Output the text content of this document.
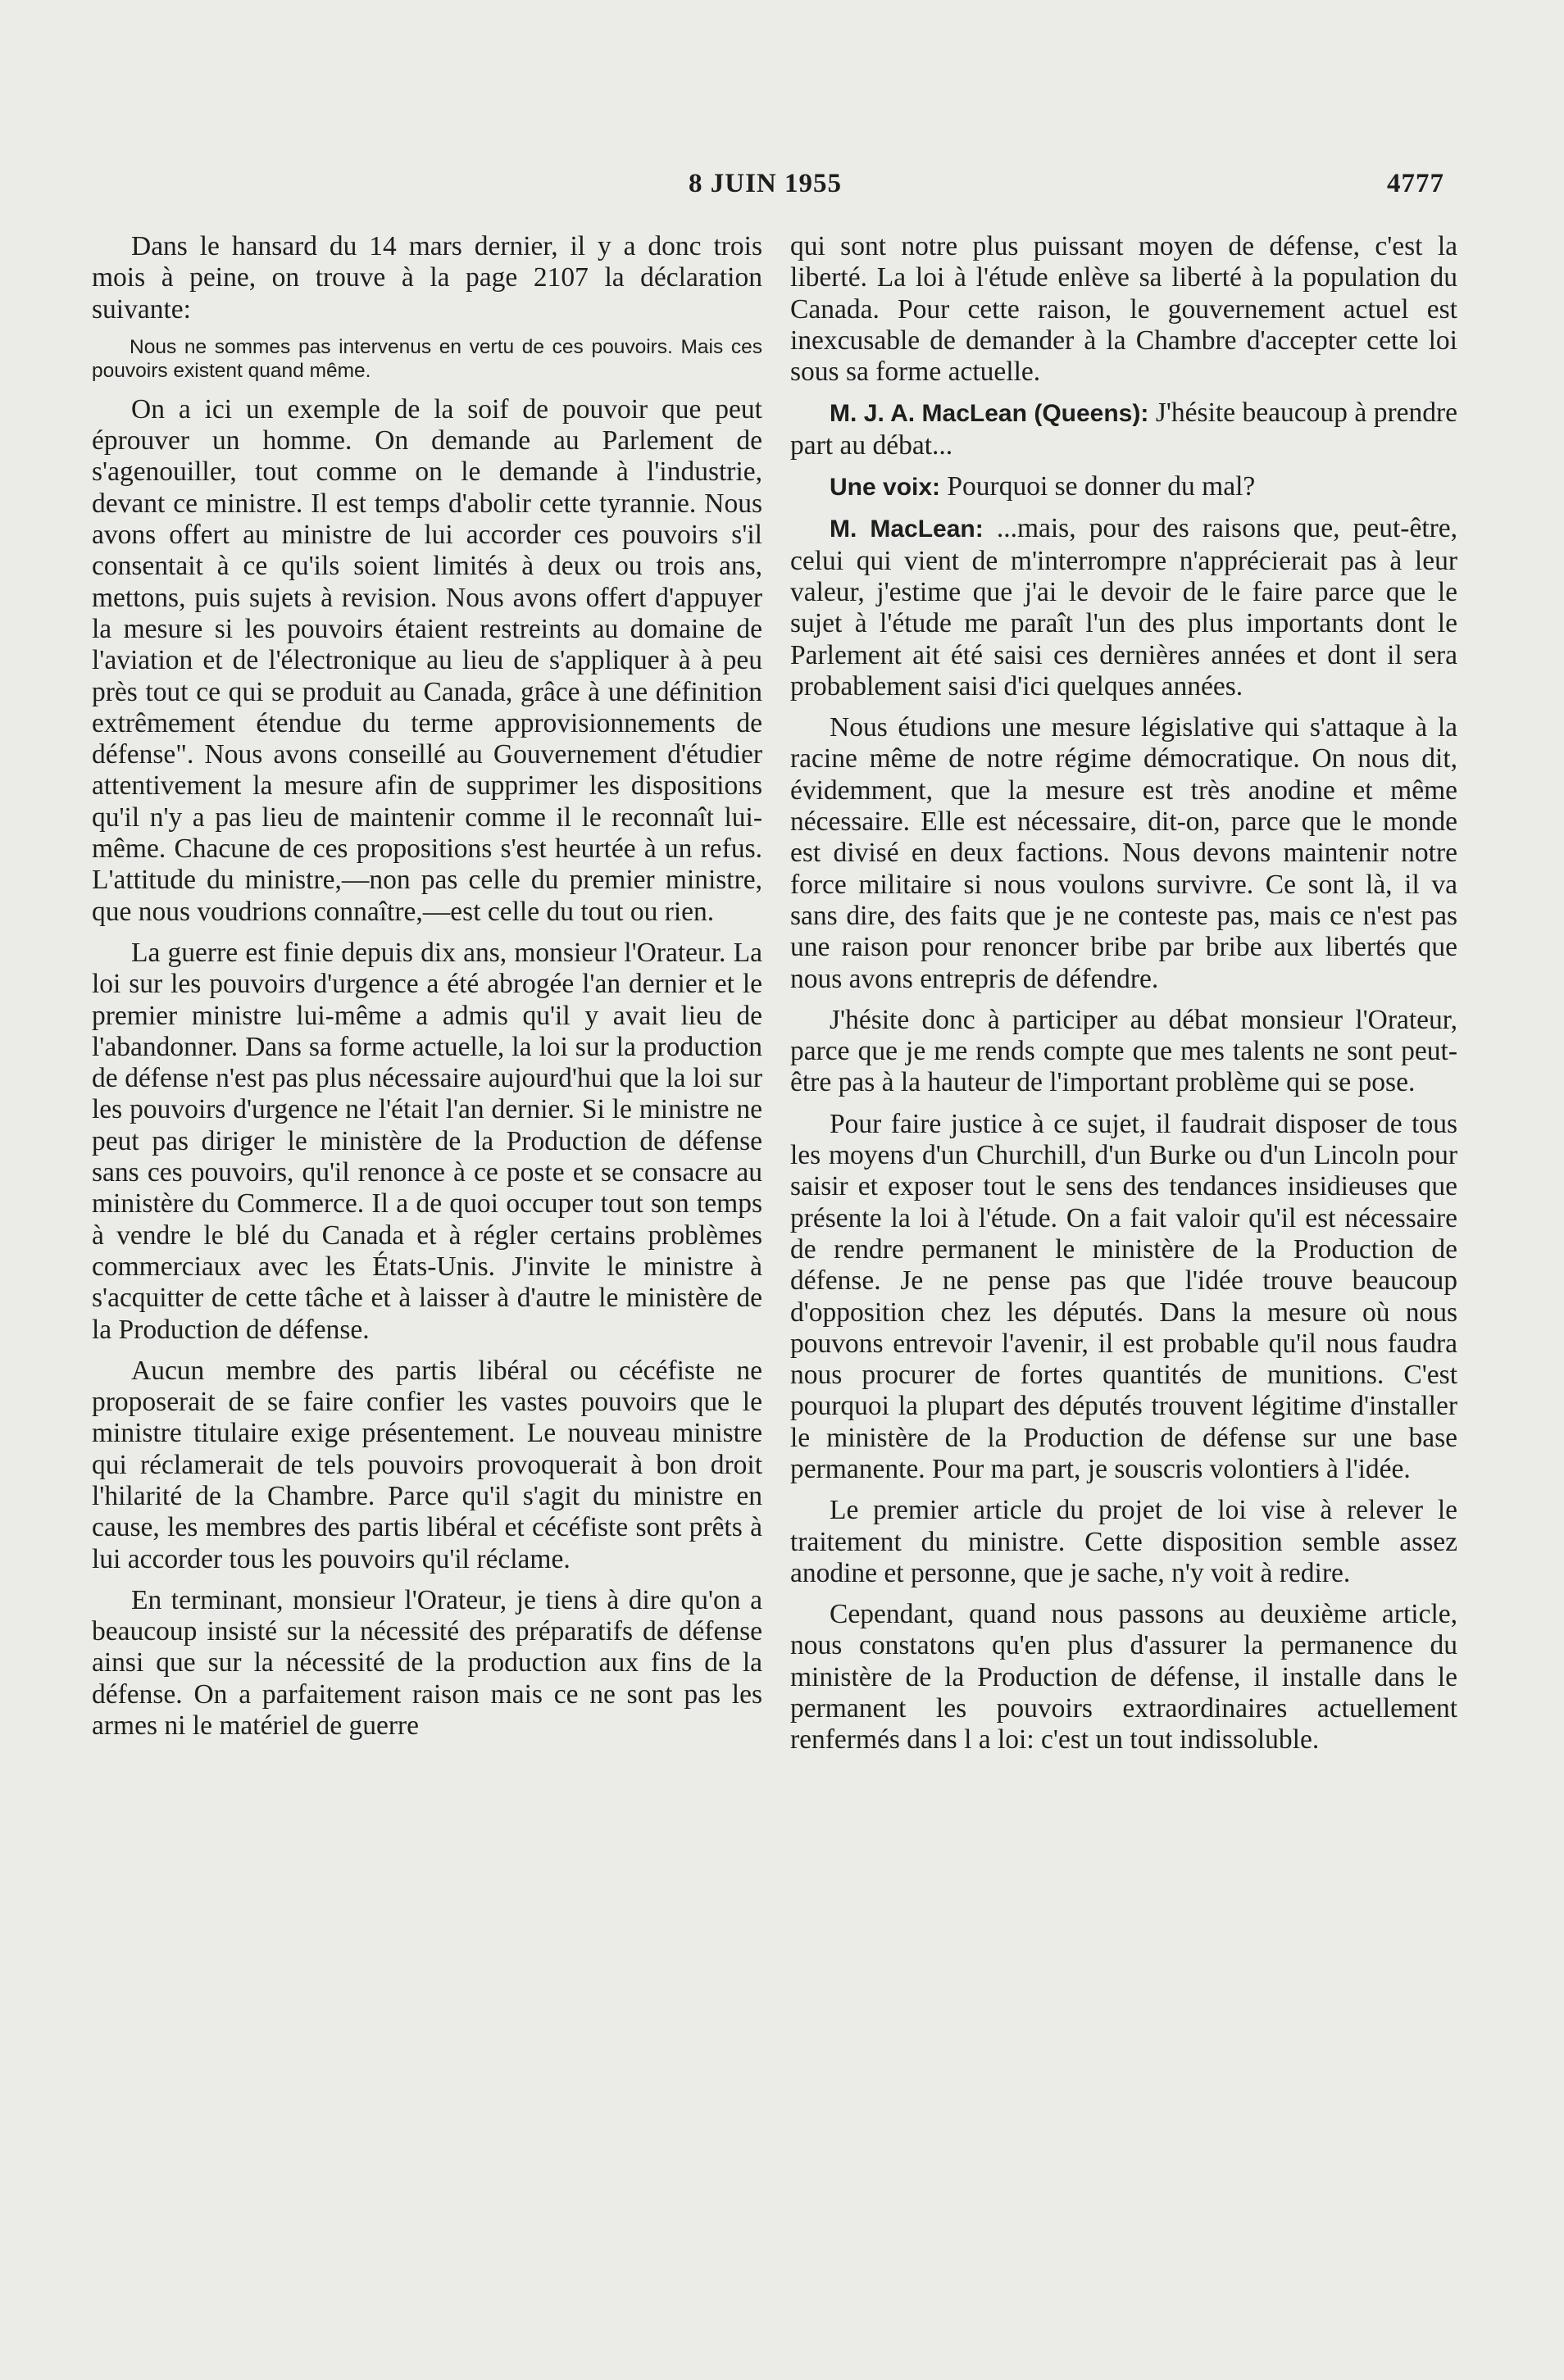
8 JUIN 1955	4777

Dans le hansard du 14 mars dernier, il y a donc trois mois à peine, on trouve à la page 2107 la déclaration suivante:

Nous ne sommes pas intervenus en vertu de ces pouvoirs. Mais ces pouvoirs existent quand même.

On a ici un exemple de la soif de pouvoir que peut éprouver un homme. On demande au Parlement de s'agenouiller, tout comme on le demande à l'industrie, devant ce ministre. Il est temps d'abolir cette tyrannie. Nous avons offert au ministre de lui accorder ces pouvoirs s'il consentait à ce qu'ils soient limités à deux ou trois ans, mettons, puis sujets à revision. Nous avons offert d'appuyer la mesure si les pouvoirs étaient restreints au domaine de l'aviation et de l'électronique au lieu de s'appliquer à à peu près tout ce qui se produit au Canada, grâce à une définition extrêmement étendue du terme approvisionnements de défense". Nous avons conseillé au Gouvernement d'étudier attentivement la mesure afin de supprimer les dispositions qu'il n'y a pas lieu de maintenir comme il le reconnaît lui-même. Chacune de ces propositions s'est heurtée à un refus. L'attitude du ministre,—non pas celle du premier ministre, que nous voudrions connaître,—est celle du tout ou rien.

La guerre est finie depuis dix ans, monsieur l'Orateur. La loi sur les pouvoirs d'urgence a été abrogée l'an dernier et le premier ministre lui-même a admis qu'il y avait lieu de l'abandonner. Dans sa forme actuelle, la loi sur la production de défense n'est pas plus nécessaire aujourd'hui que la loi sur les pouvoirs d'urgence ne l'était l'an dernier. Si le ministre ne peut pas diriger le ministère de la Production de défense sans ces pouvoirs, qu'il renonce à ce poste et se consacre au ministère du Commerce. Il a de quoi occuper tout son temps à vendre le blé du Canada et à régler certains problèmes commerciaux avec les États-Unis. J'invite le ministre à s'acquitter de cette tâche et à laisser à d'autre le ministère de la Production de défense.

Aucun membre des partis libéral ou cécéfiste ne proposerait de se faire confier les vastes pouvoirs que le ministre titulaire exige présentement. Le nouveau ministre qui réclamerait de tels pouvoirs provoquerait à bon droit l'hilarité de la Chambre. Parce qu'il s'agit du ministre en cause, les membres des partis libéral et cécéfiste sont prêts à lui accorder tous les pouvoirs qu'il réclame.

En terminant, monsieur l'Orateur, je tiens à dire qu'on a beaucoup insisté sur la nécessité des préparatifs de défense ainsi que sur la nécessité de la production aux fins de la défense. On a parfaitement raison mais ce ne sont pas les armes ni le matériel de guerre

qui sont notre plus puissant moyen de défense, c'est la liberté. La loi à l'étude enlève sa liberté à la population du Canada. Pour cette raison, le gouvernement actuel est inexcusable de demander à la Chambre d'accepter cette loi sous sa forme actuelle.

M. J. A. MacLean (Queens): J'hésite beaucoup à prendre part au débat...

Une voix: Pourquoi se donner du mal?

M. MacLean: ...mais, pour des raisons que, peut-être, celui qui vient de m'interrompre n'apprécierait pas à leur valeur, j'estime que j'ai le devoir de le faire parce que le sujet à l'étude me paraît l'un des plus importants dont le Parlement ait été saisi ces dernières années et dont il sera probablement saisi d'ici quelques années.

Nous étudions une mesure législative qui s'attaque à la racine même de notre régime démocratique. On nous dit, évidemment, que la mesure est très anodine et même nécessaire. Elle est nécessaire, dit-on, parce que le monde est divisé en deux factions. Nous devons maintenir notre force militaire si nous voulons survivre. Ce sont là, il va sans dire, des faits que je ne conteste pas, mais ce n'est pas une raison pour renoncer bribe par bribe aux libertés que nous avons entrepris de défendre.

J'hésite donc à participer au débat monsieur l'Orateur, parce que je me rends compte que mes talents ne sont peut-être pas à la hauteur de l'important problème qui se pose.

Pour faire justice à ce sujet, il faudrait disposer de tous les moyens d'un Churchill, d'un Burke ou d'un Lincoln pour saisir et exposer tout le sens des tendances insidieuses que présente la loi à l'étude. On a fait valoir qu'il est nécessaire de rendre permanent le ministère de la Production de défense. Je ne pense pas que l'idée trouve beaucoup d'opposition chez les députés. Dans la mesure où nous pouvons entrevoir l'avenir, il est probable qu'il nous faudra nous procurer de fortes quantités de munitions. C'est pourquoi la plupart des députés trouvent légitime d'installer le ministère de la Production de défense sur une base permanente. Pour ma part, je souscris volontiers à l'idée.

Le premier article du projet de loi vise à relever le traitement du ministre. Cette disposition semble assez anodine et personne, que je sache, n'y voit à redire.

Cependant, quand nous passons au deuxième article, nous constatons qu'en plus d'assurer la permanence du ministère de la Production de défense, il installe dans le permanent les pouvoirs extraordinaires actuellement renfermés dans l a loi: c'est un tout indissoluble.
